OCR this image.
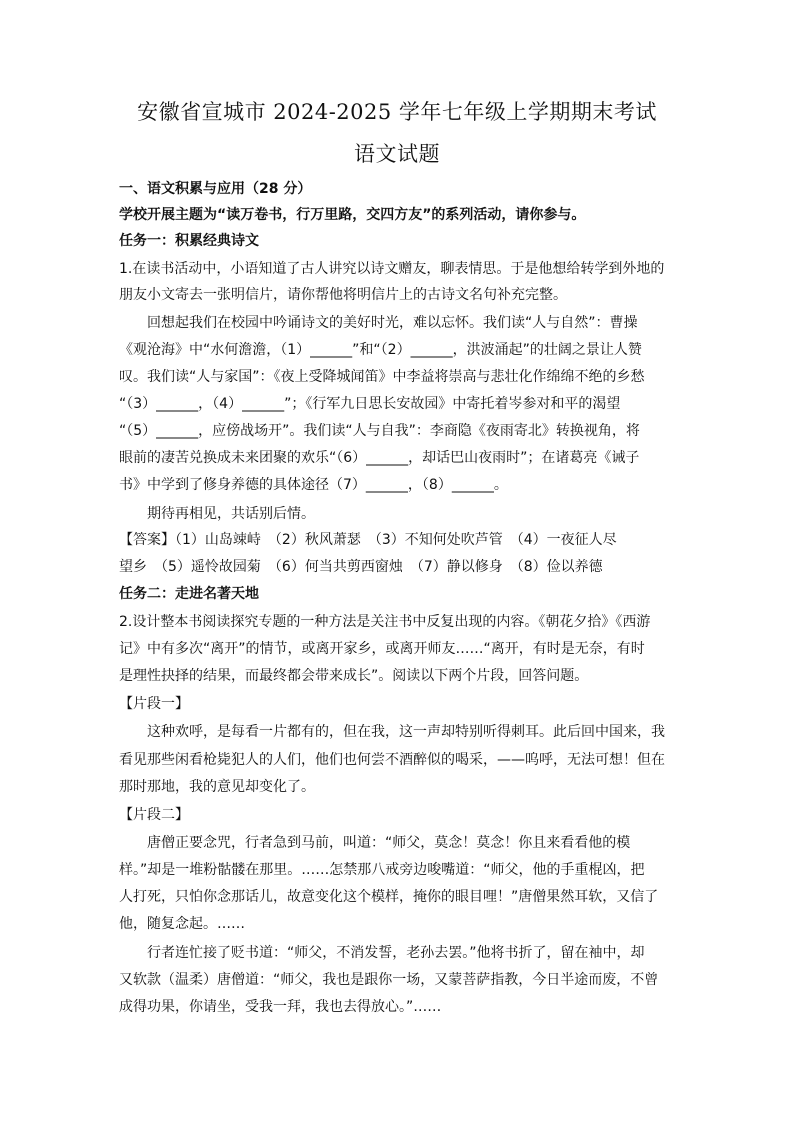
安徽省宣城市 2024-2025 学年七年级上学期期末考试
语文试题
一、语文积累与应用（28 分）
学校开展主题为“读万卷书，行万里路，交四方友”的系列活动，请你参与。
任务一：积累经典诗文
1.在读书活动中，小语知道了古人讲究以诗文赠友，聊表情思。于是他想给转学到外地的
朋友小文寄去一张明信片，请你帮他将明信片上的古诗文名句补充完整。
回想起我们在校园中吟诵诗文的美好时光，难以忘怀。我们读“人与自然”：曹操
《观沧海》中“水何澹澹，（1）______”和“（2）______，洪波涌起”的壮阔之景让人赞
叹。我们读“人与家国”：《夜上受降城闻笛》中李益将崇高与悲壮化作绵绵不绝的乡愁
“（3）______，（4）______”；《行军九日思长安故园》中寄托着岑参对和平的渴望
“（5）______，应傍战场开”。我们读“人与自我”：李商隐《夜雨寄北》转换视角，将
眼前的凄苦兑换成未来团聚的欢乐“（6）______，却话巴山夜雨时”；在诸葛亮《诫子
书》中学到了修身养德的具体途径（7）______，（8）______。
期待再相见，共话别后情。
【答案】（1）山岛竦峙　（2）秋风萧瑟　（3）不知何处吹芦管　（4）一夜征人尽
望乡　（5）遥怜故园菊　（6）何当共剪西窗烛　（7）静以修身　（8）俭以养德
任务二：走进名著天地
2.设计整本书阅读探究专题的一种方法是关注书中反复出现的内容。《朝花夕拾》《西游
记》中有多次“离开”的情节，或离开家乡，或离开师友……“离开，有时是无奈，有时
是理性抉择的结果，而最终都会带来成长”。阅读以下两个片段，回答问题。
【片段一】
这种欢呼，是每看一片都有的，但在我，这一声却特别听得刺耳。此后回中国来，我
看见那些闲看枪毙犯人的人们，他们也何尝不酒醉似的喝采，——呜呼，无法可想！但在
那时那地，我的意见却变化了。
【片段二】
唐僧正要念咒，行者急到马前，叫道：“师父，莫念！莫念！你且来看看他的模
样。”却是一堆粉骷髅在那里。……怎禁那八戒旁边唆嘴道：“师父，他的手重棍凶，把
人打死，只怕你念那话儿，故意变化这个模样，掩你的眼目哩！”唐僧果然耳软，又信了
他，随复念起。……
行者连忙接了贬书道：“师父，不消发誓，老孙去罢。”他将书折了，留在袖中，却
又软款（温柔）唐僧道：“师父，我也是跟你一场，又蒙菩萨指教，今日半途而废，不曾
成得功果，你请坐，受我一拜，我也去得放心。”……
